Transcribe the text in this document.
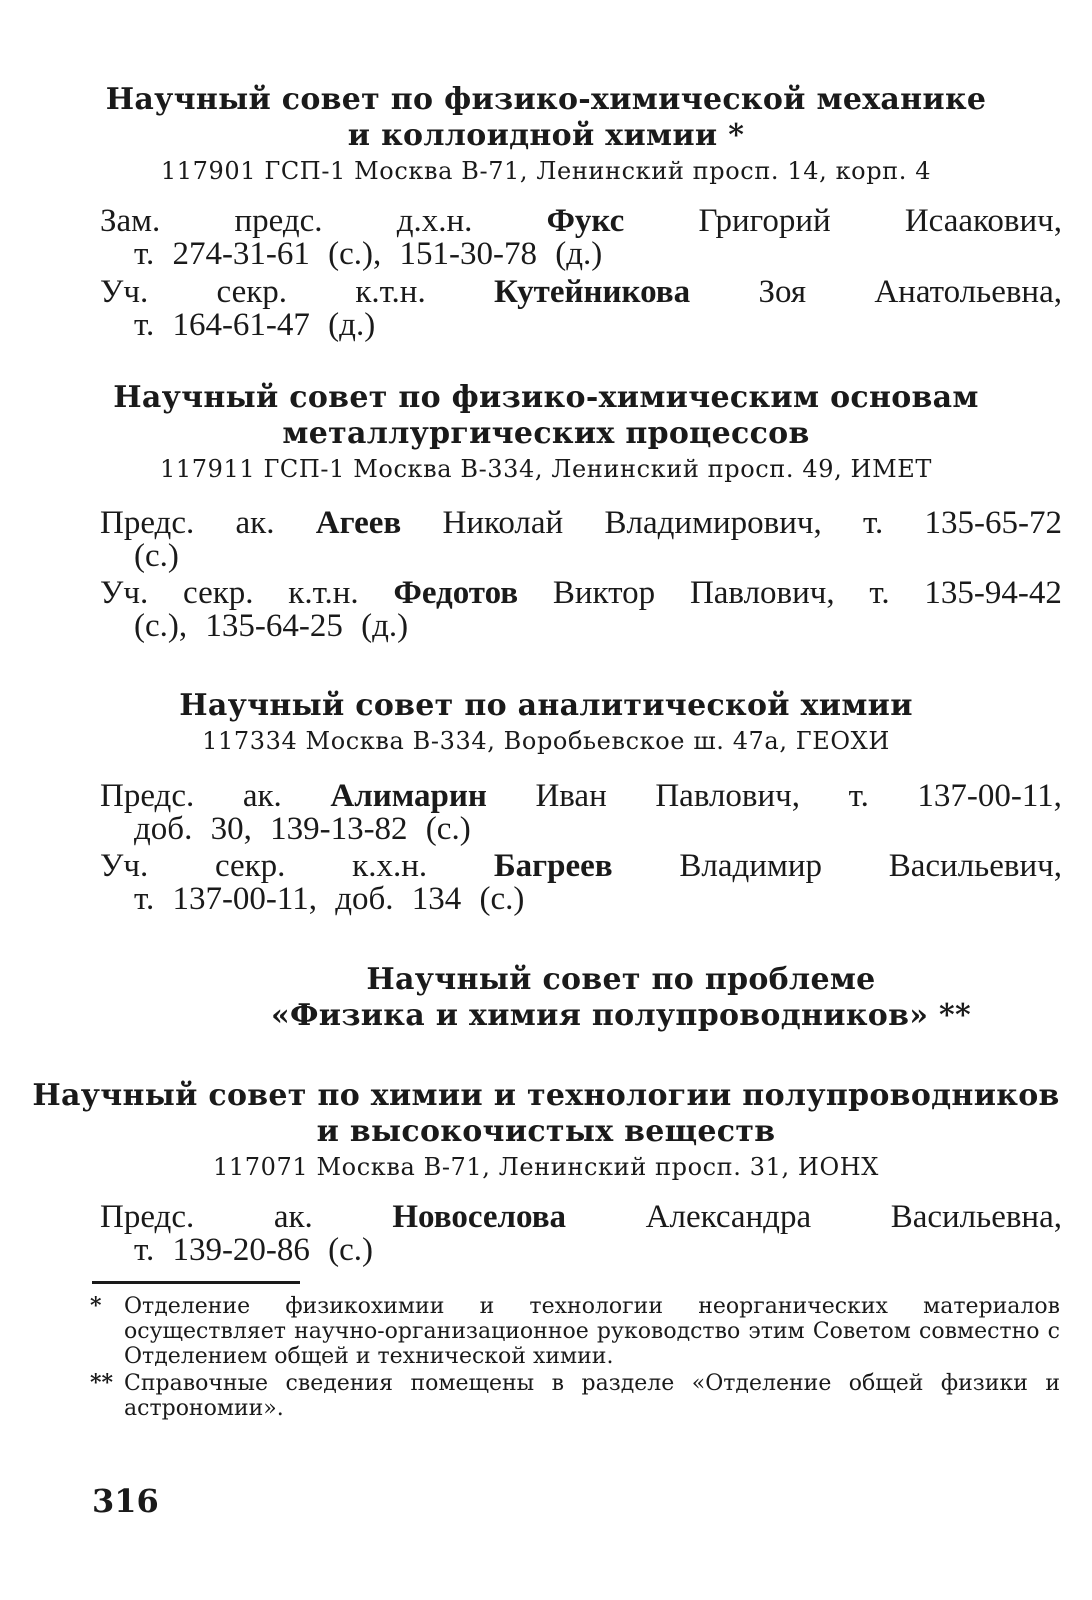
Научный совет по физико-химической механике
и коллоидной химии *
117901 ГСП-1 Москва В-71, Ленинский просп. 14, корп. 4
Зам. предс. д.х.н. Фукс Григорий Исаакович,
т. 274-31-61 (с.), 151-30-78 (д.)
Уч. секр. к.т.н. Кутейникова Зоя Анатольевна,
т. 164-61-47 (д.)
Научный совет по физико-химическим основам
металлургических процессов
117911 ГСП-1 Москва В-334, Ленинский просп. 49, ИМЕТ
Предс. ак. Агеев Николай Владимирович, т. 135-65-72
(с.)
Уч. секр. к.т.н. Федотов Виктор Павлович, т. 135-94-42
(с.), 135-64-25 (д.)
Научный совет по аналитической химии
117334 Москва В-334, Воробьевское ш. 47а, ГЕОХИ
Предс. ак. Алимарин Иван Павлович, т. 137-00-11,
доб. 30, 139-13-82 (с.)
Уч. секр. к.х.н. Багреев Владимир Васильевич,
т. 137-00-11, доб. 134 (с.)
Научный совет по проблеме
«Физика и химия полупроводников» **
Научный совет по химии и технологии полупроводников
и высокочистых веществ
117071 Москва В-71, Ленинский просп. 31, ИОНХ
Предс. ак. Новоселова Александра Васильевна,
т. 139-20-86 (с.)
* Отделение физикохимии и технологии неорганических материалов осуществляет научно-организационное руководство этим Советом совместно с Отделением общей и технической химии.
** Справочные сведения помещены в разделе «Отделение общей физики и астрономии».
316
